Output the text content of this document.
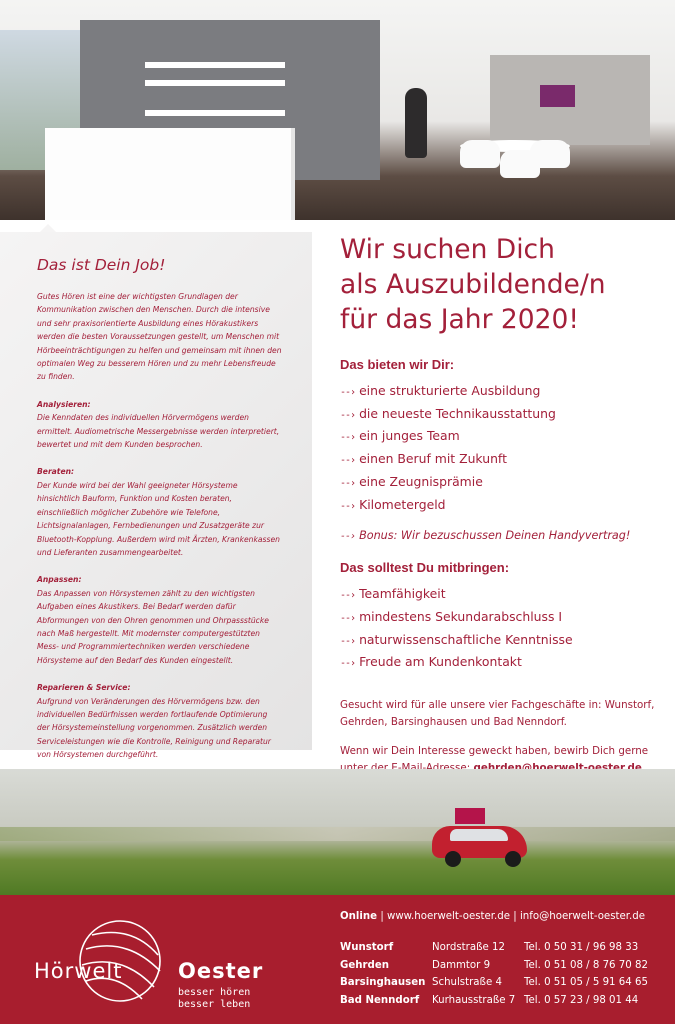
Das ist Dein Job!

Gutes Hören ist eine der wichtigsten Grundlagen der Kommunikation zwischen den Menschen. Durch die intensive und sehr praxisorientierte Ausbildung eines Hörakustikers werden die besten Voraussetzungen gestellt, um Menschen mit Hörbeeinträchtigungen zu helfen und gemeinsam mit ihnen den optimalen Weg zu besserem Hören und zu mehr Lebensfreude zu finden.

Analysieren:
Die Kenndaten des individuellen Hörvermögens werden ermittelt. Audiometrische Messergebnisse werden interpretiert, bewertet und mit dem Kunden besprochen.

Beraten:
Der Kunde wird bei der Wahl geeigneter Hörsysteme hinsichtlich Bauform, Funktion und Kosten beraten, einschließlich möglicher Zubehöre wie Telefone, Lichtsignalanlagen, Fernbedienungen und Zusatzgeräte zur Bluetooth-Kopplung. Außerdem wird mit Ärzten, Krankenkassen und Lieferanten zusammengearbeitet.

Anpassen:
Das Anpassen von Hörsystemen zählt zu den wichtigsten Aufgaben eines Akustikers. Bei Bedarf werden dafür Abformungen von den Ohren genommen und Ohrpassstücke nach Maß hergestellt. Mit modernster computergestützten Mess- und Programmiertechniken werden verschiedene Hörsysteme auf den Bedarf des Kunden eingestellt.

Reparieren & Service:
Aufgrund von Veränderungen des Hörvermögens bzw. den individuellen Bedürfnissen werden fortlaufende Optimierung der Hörsystemeinstellung vorgenommen. Zusätzlich werden Serviceleistungen wie die Kontrolle, Reinigung und Reparatur von Hörsystemen durchgeführt.

Wir suchen Dich
als Auszubildende/n
für das Jahr 2020!
Das bieten wir Dir:
--› eine strukturierte Ausbildung
--› die neueste Technikausstattung
--› ein junges Team
--› einen Beruf mit Zukunft
--› eine Zeugnisprämie
--› Kilometergeld
--› Bonus: Wir bezuschussen Deinen Handyvertrag!
Das solltest Du mitbringen:
--› Teamfähigkeit
--› mindestens Sekundarabschluss I
--› naturwissenschaftliche Kenntnisse
--› Freude am Kundenkontakt

Gesucht wird für alle unsere vier Fachgeschäfte in: Wunstorf, Gehrden, Barsinghausen und Bad Nenndorf.

Wenn wir Dein Interesse geweckt haben, bewirb Dich gerne

Hörwelt	Oester
besser hören
besser leben
Online | www.hoerwelt-oester.de | info@hoerwelt-oester.de
Wunstorf	Nordstraße 12	Tel. 0 50 31 / 96 98 33
Gehrden	Dammtor 9	Tel. 0 51 08 / 8 76 70 82
Barsinghausen	Schulstraße 4	Tel. 0 51 05 / 5 91 64 65
Bad Nenndorf	Kurhausstraße 7	Tel. 0 57 23 / 98 01 44
